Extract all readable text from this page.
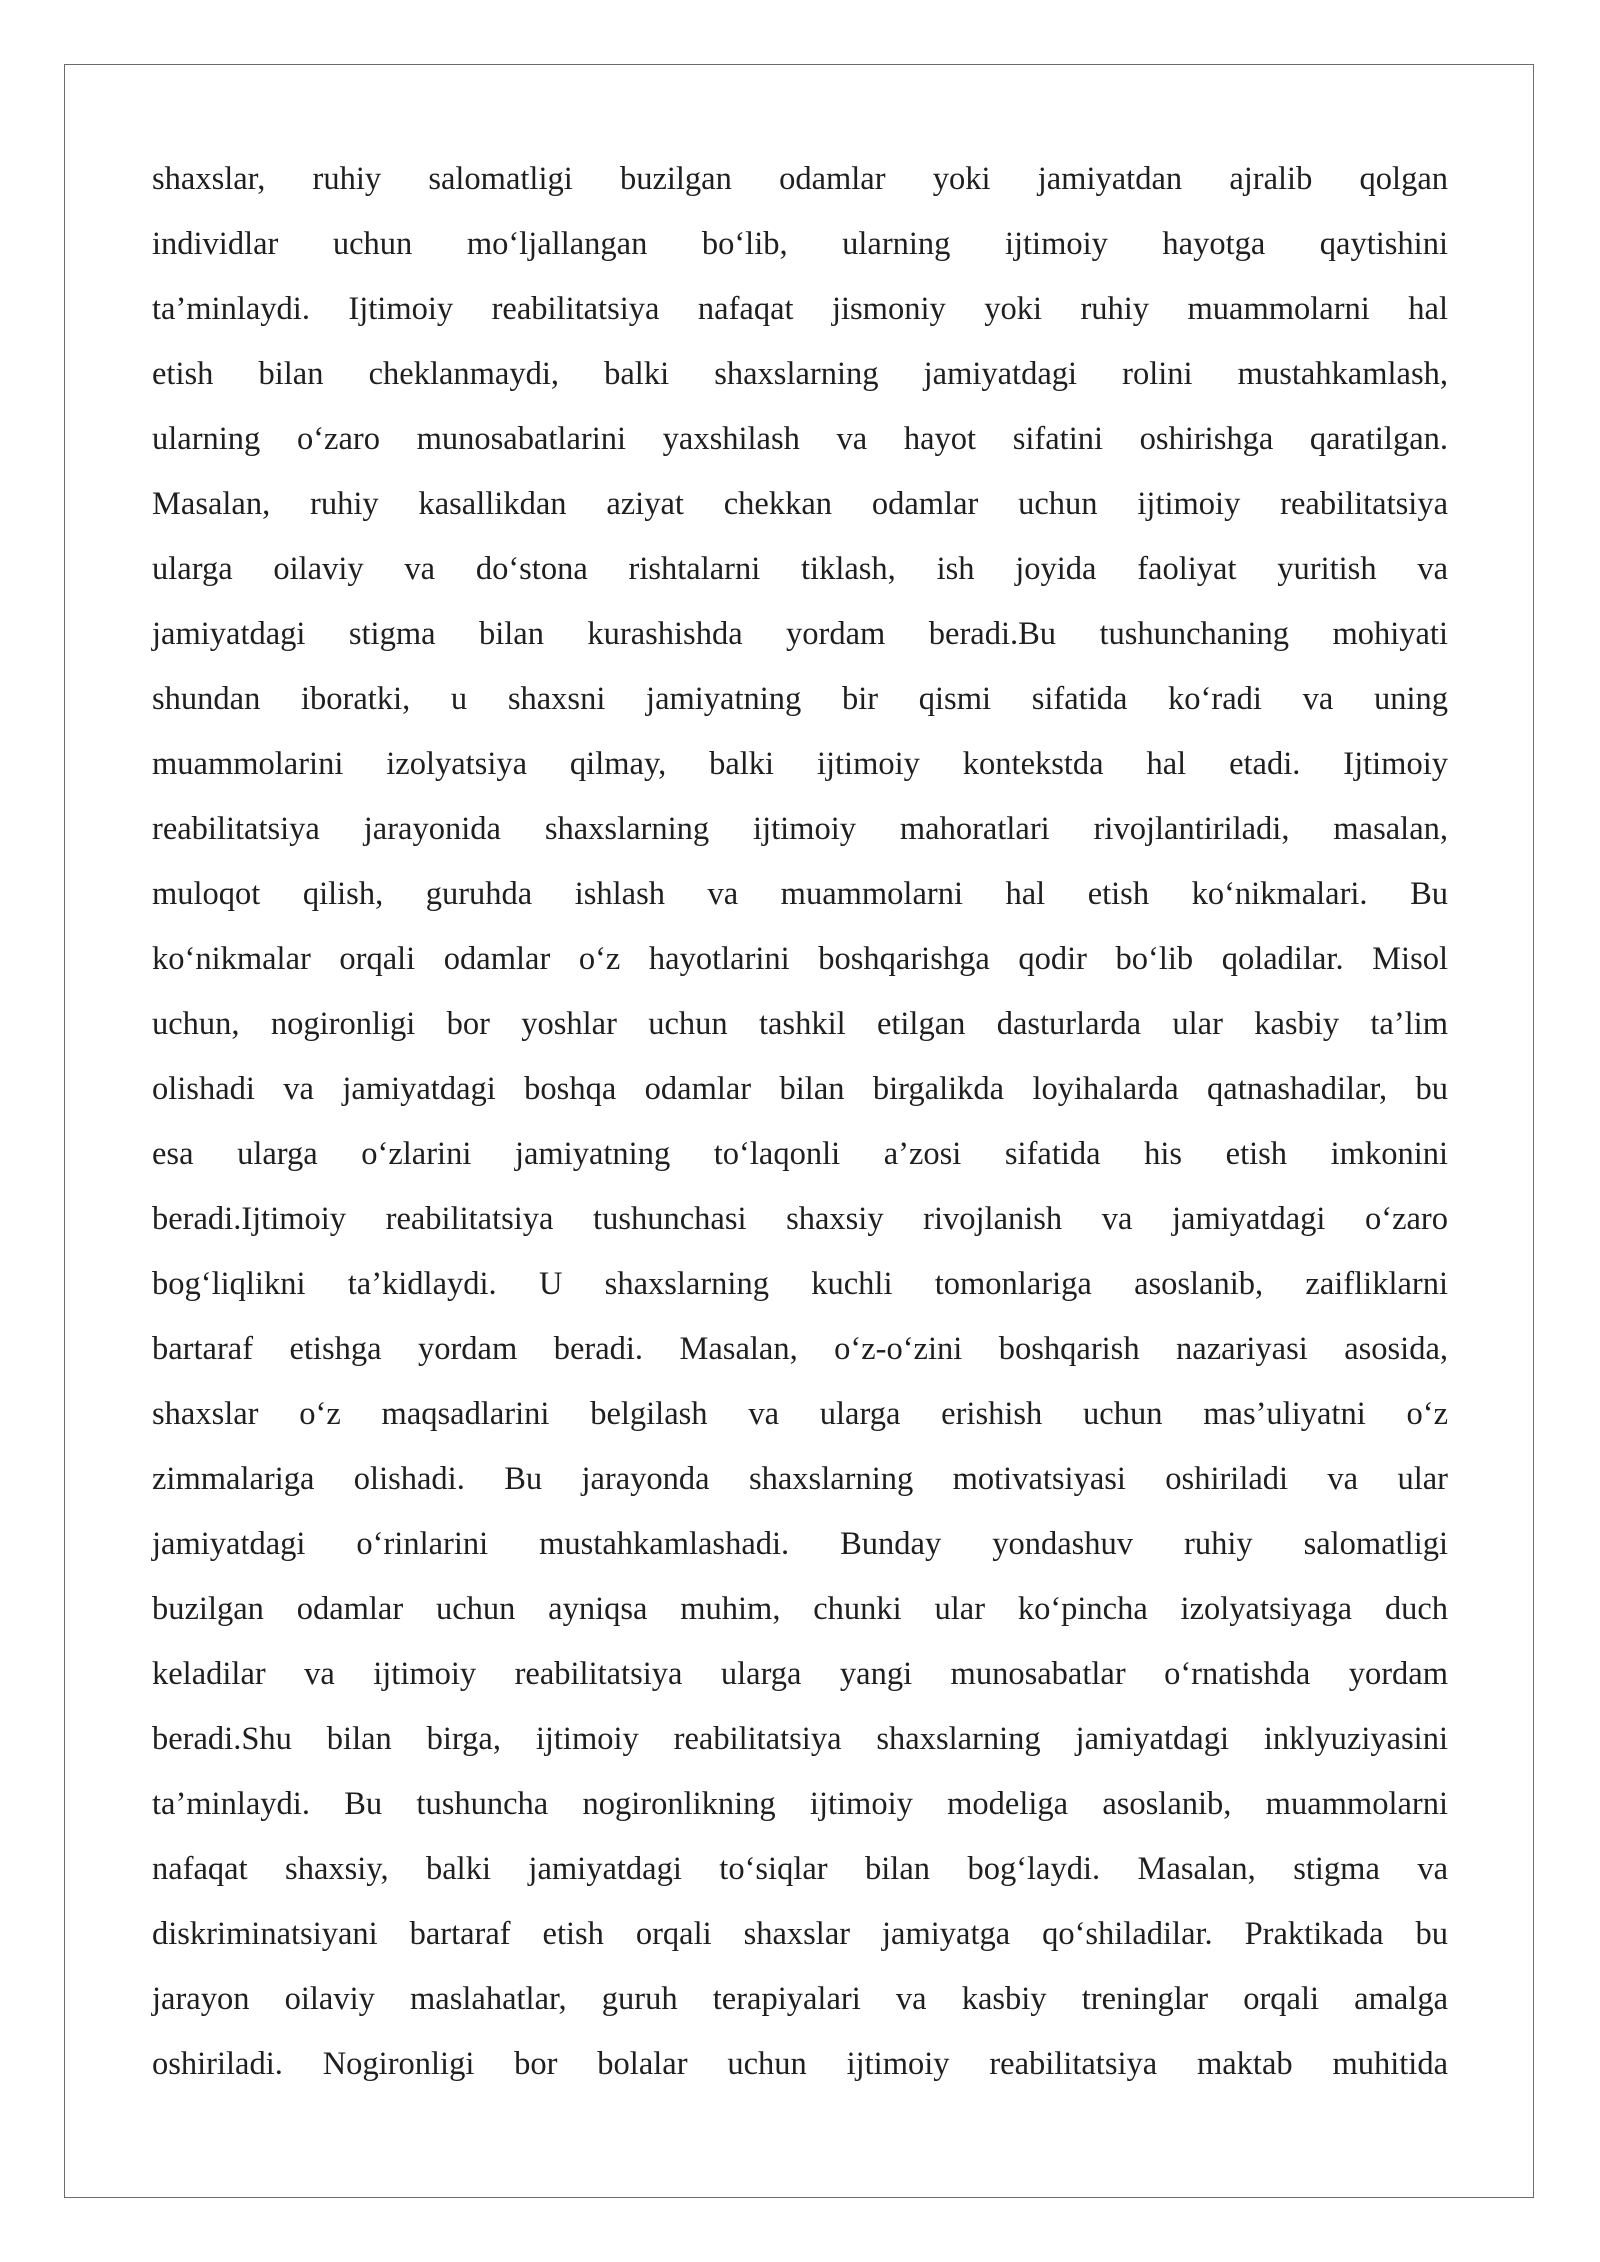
shaxslar, ruhiy salomatligi buzilgan odamlar yoki jamiyatdan ajralib qolgan
individlar uchun mo‘ljallangan bo‘lib, ularning ijtimoiy hayotga qaytishini
ta’minlaydi. Ijtimoiy reabilitatsiya nafaqat jismoniy yoki ruhiy muammolarni hal
etish bilan cheklanmaydi, balki shaxslarning jamiyatdagi rolini mustahkamlash,
ularning o‘zaro munosabatlarini yaxshilash va hayot sifatini oshirishga qaratilgan.
Masalan, ruhiy kasallikdan aziyat chekkan odamlar uchun ijtimoiy reabilitatsiya
ularga oilaviy va do‘stona rishtalarni tiklash, ish joyida faoliyat yuritish va
jamiyatdagi stigma bilan kurashishda yordam beradi.Bu tushunchaning mohiyati
shundan iboratki, u shaxsni jamiyatning bir qismi sifatida ko‘radi va uning
muammolarini izolyatsiya qilmay, balki ijtimoiy kontekstda hal etadi. Ijtimoiy
reabilitatsiya jarayonida shaxslarning ijtimoiy mahoratlari rivojlantiriladi, masalan,
muloqot qilish, guruhda ishlash va muammolarni hal etish ko‘nikmalari. Bu
ko‘nikmalar orqali odamlar o‘z hayotlarini boshqarishga qodir bo‘lib qoladilar. Misol
uchun, nogironligi bor yoshlar uchun tashkil etilgan dasturlarda ular kasbiy ta’lim
olishadi va jamiyatdagi boshqa odamlar bilan birgalikda loyihalarda qatnashadilar, bu
esa ularga o‘zlarini jamiyatning to‘laqonli a’zosi sifatida his etish imkonini
beradi.Ijtimoiy reabilitatsiya tushunchasi shaxsiy rivojlanish va jamiyatdagi o‘zaro
bog‘liqlikni ta’kidlaydi. U shaxslarning kuchli tomonlariga asoslanib, zaifliklarni
bartaraf etishga yordam beradi. Masalan, o‘z-o‘zini boshqarish nazariyasi asosida,
shaxslar o‘z maqsadlarini belgilash va ularga erishish uchun mas’uliyatni o‘z
zimmalariga olishadi. Bu jarayonda shaxslarning motivatsiyasi oshiriladi va ular
jamiyatdagi o‘rinlarini mustahkamlashadi. Bunday yondashuv ruhiy salomatligi
buzilgan odamlar uchun ayniqsa muhim, chunki ular ko‘pincha izolyatsiyaga duch
keladilar va ijtimoiy reabilitatsiya ularga yangi munosabatlar o‘rnatishda yordam
beradi.Shu bilan birga, ijtimoiy reabilitatsiya shaxslarning jamiyatdagi inklyuziyasini
ta’minlaydi. Bu tushuncha nogironlikning ijtimoiy modeliga asoslanib, muammolarni
nafaqat shaxsiy, balki jamiyatdagi to‘siqlar bilan bog‘laydi. Masalan, stigma va
diskriminatsiyani bartaraf etish orqali shaxslar jamiyatga qo‘shiladilar. Praktikada bu
jarayon oilaviy maslahatlar, guruh terapiyalari va kasbiy treninglar orqali amalga
oshiriladi. Nogironligi bor bolalar uchun ijtimoiy reabilitatsiya maktab muhitida
